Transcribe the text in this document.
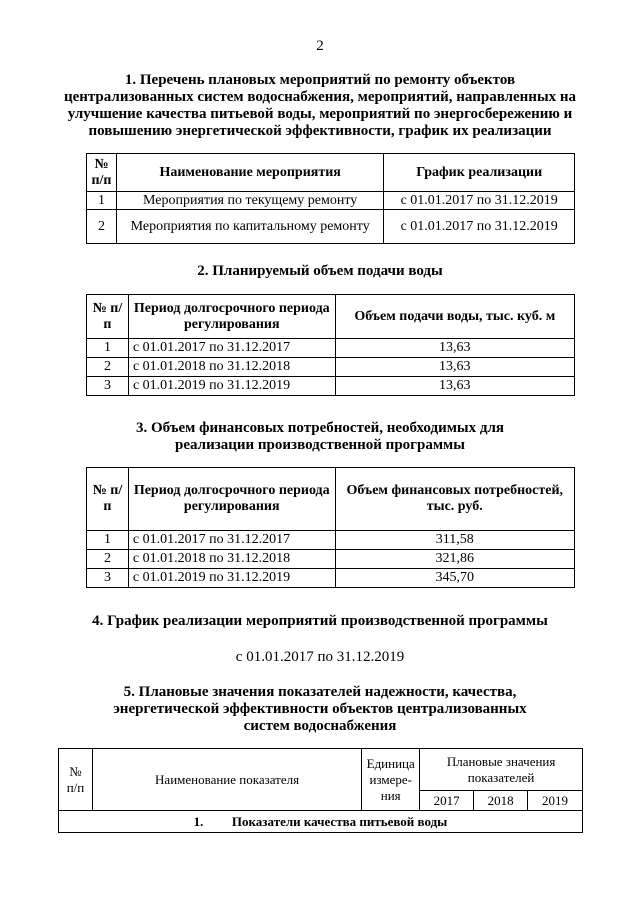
2
1. Перечень плановых мероприятий по ремонту объектов
централизованных систем водоснабжения, мероприятий, направленных на
улучшение качества питьевой воды, мероприятий по энергосбережению и
повышению энергетической эффективности, график их реализации
№ п/п	Наименование мероприятия	График реализации
1	Мероприятия по текущему ремонту	с 01.01.2017 по 31.12.2019
2	Мероприятия по капитальному ремонту	с 01.01.2017 по 31.12.2019
2. Планируемый объем подачи воды
№ п/п	Период долгосрочного периода регулирования	Объем подачи воды, тыс. куб. м
1	с 01.01.2017 по 31.12.2017	13,63
2	с 01.01.2018 по 31.12.2018	13,63
3	с 01.01.2019 по 31.12.2019	13,63
3. Объем финансовых потребностей, необходимых для
реализации производственной программы
№ п/п	Период долгосрочного периода регулирования	Объем финансовых потребностей, тыс. руб.
1	с 01.01.2017 по 31.12.2017	311,58
2	с 01.01.2018 по 31.12.2018	321,86
3	с 01.01.2019 по 31.12.2019	345,70
4. График реализации мероприятий производственной программы
с 01.01.2017 по 31.12.2019
5. Плановые значения показателей надежности, качества,
энергетической эффективности объектов централизованных
систем водоснабжения
№ п/п	Наименование показателя	Единица измере-ния	Плановые значения показателей		
			2017	2018	2019
1. Показатели качества питьевой воды					
